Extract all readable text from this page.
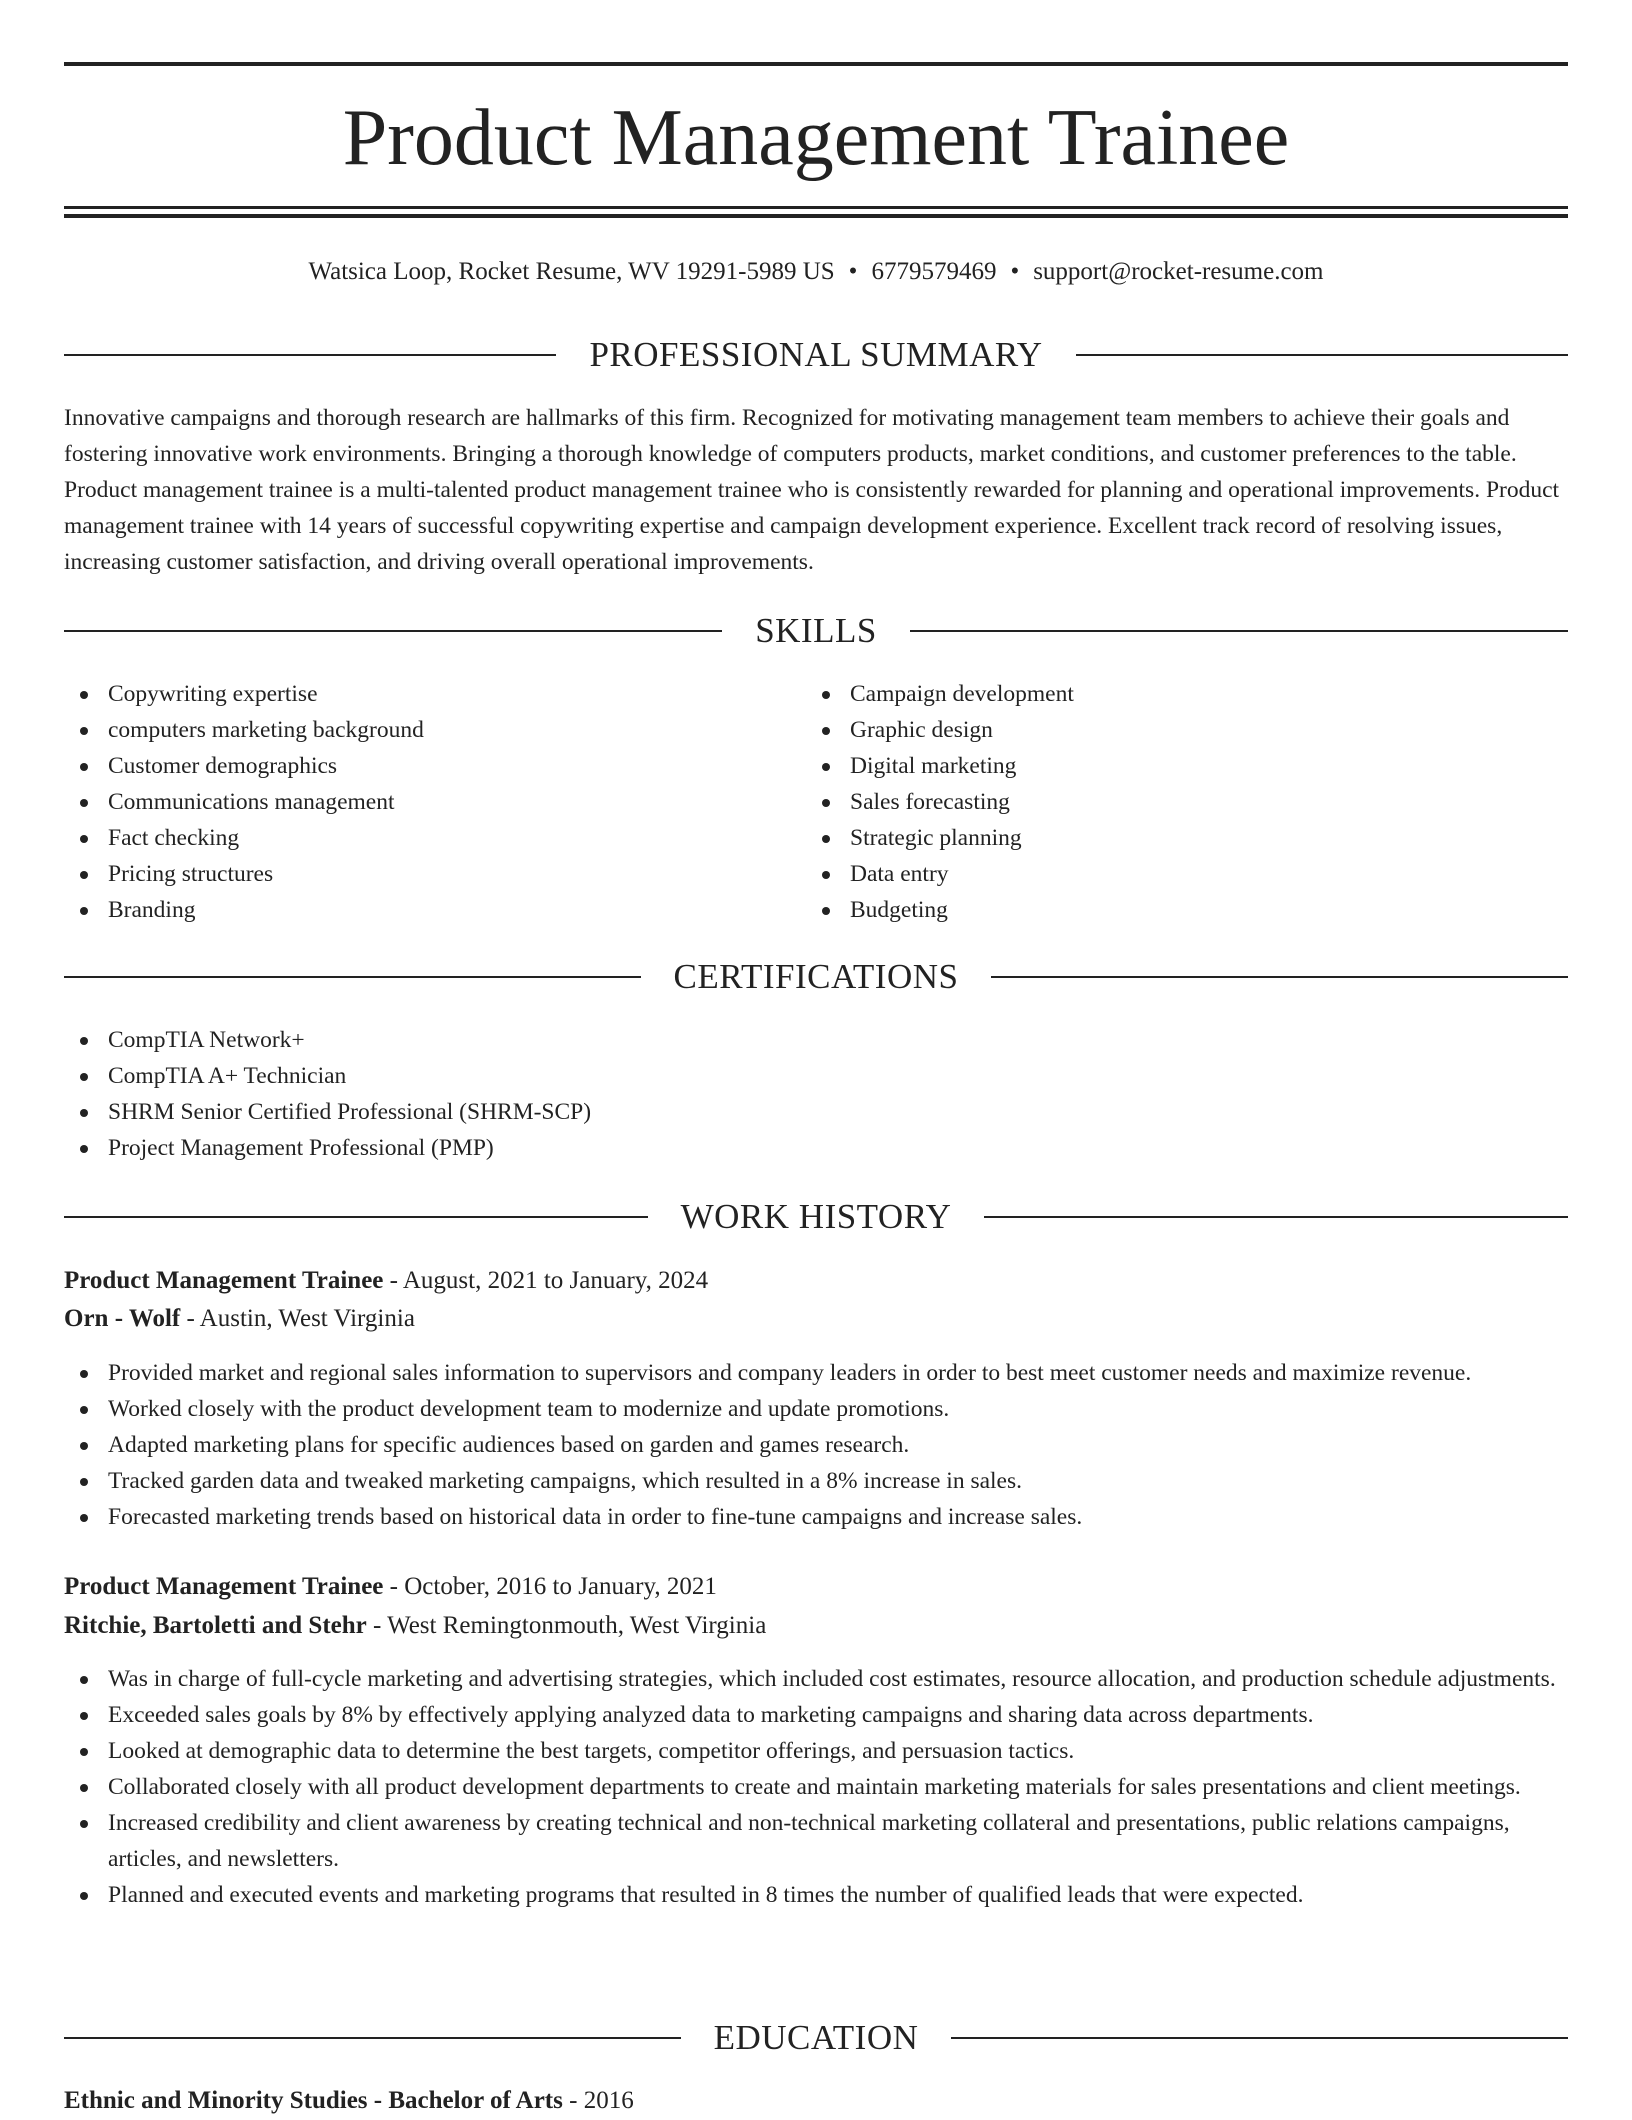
Product Management Trainee
Watsica Loop, Rocket Resume, WV 19291-5989 US • 6779579469 • support@rocket-resume.com
PROFESSIONAL SUMMARY

Innovative campaigns and thorough research are hallmarks of this firm. Recognized for motivating management team members to achieve their goals and fostering innovative work environments. Bringing a thorough knowledge of computers products, market conditions, and customer preferences to the table. Product management trainee is a multi-talented product management trainee who is consistently rewarded for planning and operational improvements. Product management trainee with 14 years of successful copywriting expertise and campaign development experience. Excellent track record of resolving issues, increasing customer satisfaction, and driving overall operational improvements.

SKILLS
Copywriting expertise
computers marketing background
Customer demographics
Communications management
Fact checking
Pricing structures
Branding
Campaign development
Graphic design
Digital marketing
Sales forecasting
Strategic planning
Data entry
Budgeting
CERTIFICATIONS
CompTIA Network+
CompTIA A+ Technician
SHRM Senior Certified Professional (SHRM-SCP)
Project Management Professional (PMP)
WORK HISTORY
Product Management Trainee - August, 2021 to January, 2024
Orn - Wolf - Austin, West Virginia
Provided market and regional sales information to supervisors and company leaders in order to best meet customer needs and maximize revenue.
Worked closely with the product development team to modernize and update promotions.
Adapted marketing plans for specific audiences based on garden and games research.
Tracked garden data and tweaked marketing campaigns, which resulted in a 8% increase in sales.
Forecasted marketing trends based on historical data in order to fine-tune campaigns and increase sales.
Product Management Trainee - October, 2016 to January, 2021
Ritchie, Bartoletti and Stehr - West Remingtonmouth, West Virginia
Was in charge of full-cycle marketing and advertising strategies, which included cost estimates, resource allocation, and production schedule adjustments.
Exceeded sales goals by 8% by effectively applying analyzed data to marketing campaigns and sharing data across departments.
Looked at demographic data to determine the best targets, competitor offerings, and persuasion tactics.
Collaborated closely with all product development departments to create and maintain marketing materials for sales presentations and client meetings.
Increased credibility and client awareness by creating technical and non-technical marketing collateral and presentations, public relations campaigns, articles, and newsletters.
Planned and executed events and marketing programs that resulted in 8 times the number of qualified leads that were expected.
EDUCATION
Ethnic and Minority Studies - Bachelor of Arts - 2016
